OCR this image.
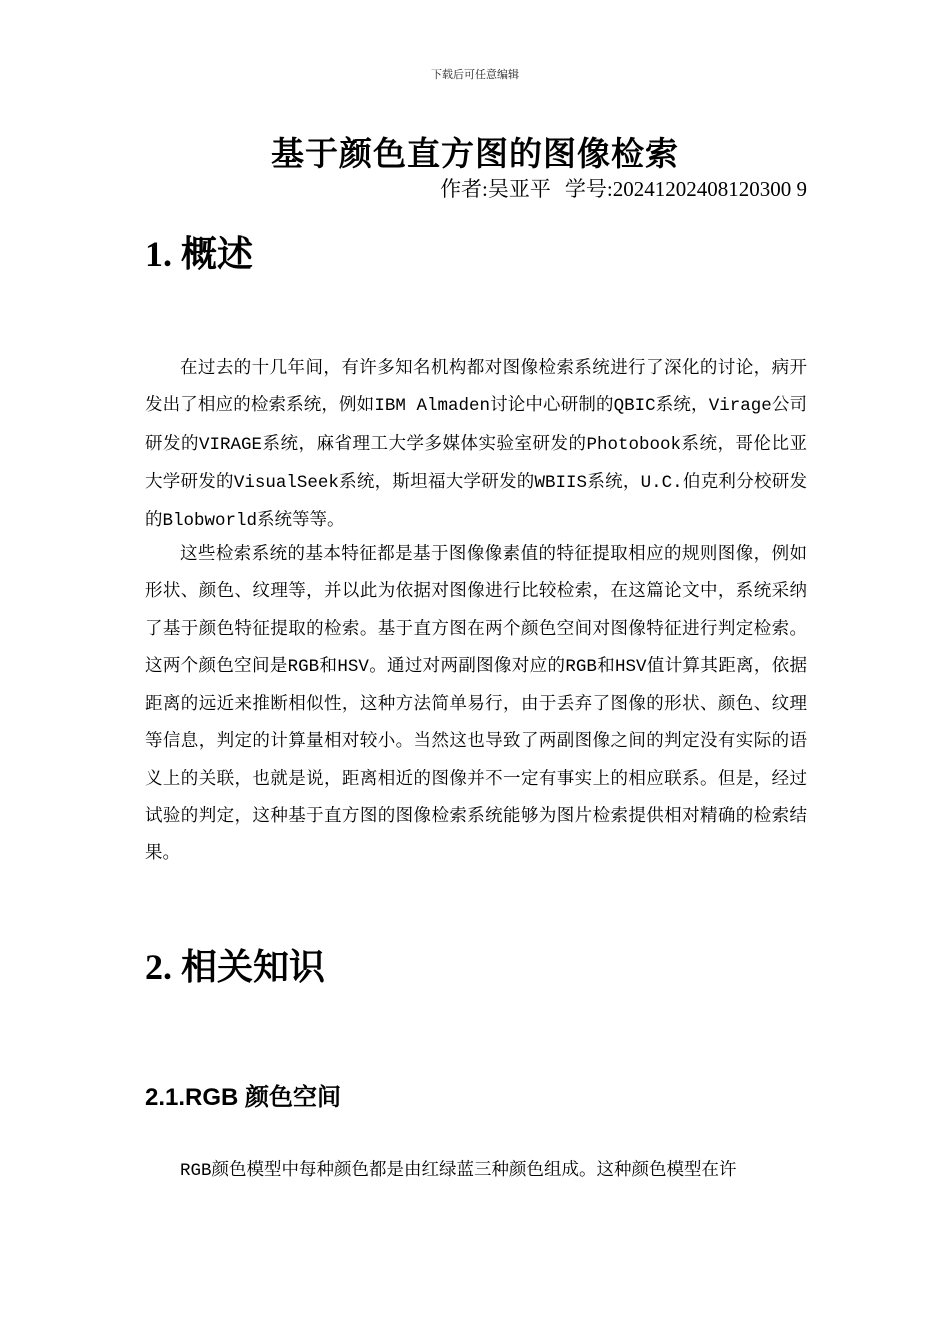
下载后可任意编辑
基于颜色直方图的图像检索
作者:吴亚平 学号:20241202408120300 9
1. 概述

在过去的十几年间，有许多知名机构都对图像检索系统进行了深化的讨论，病开发出了相应的检索系统，例如IBM Almaden讨论中心研制的QBIC系统，Virage公司研发的VIRAGE系统，麻省理工大学多媒体实验室研发的Photobook系统，哥伦比亚大学研发的VisualSeek系统，斯坦福大学研发的WBIIS系统，U.C.伯克利分校研发的Blobworld系统等等。

这些检索系统的基本特征都是基于图像像素值的特征提取相应的规则图像，例如形状、颜色、纹理等，并以此为依据对图像进行比较检索，在这篇论文中，系统采纳了基于颜色特征提取的检索。基于直方图在两个颜色空间对图像特征进行判定检索。这两个颜色空间是RGB和HSV。通过对两副图像对应的RGB和HSV值计算其距离，依据距离的远近来推断相似性，这种方法简单易行，由于丢弃了图像的形状、颜色、纹理等信息，判定的计算量相对较小。当然这也导致了两副图像之间的判定没有实际的语义上的关联，也就是说，距离相近的图像并不一定有事实上的相应联系。但是，经过试验的判定，这种基于直方图的图像检索系统能够为图片检索提供相对精确的检索结果。

2. 相关知识
2.1.RGB 颜色空间

RGB颜色模型中每种颜色都是由红绿蓝三种颜色组成。这种颜色模型在许
